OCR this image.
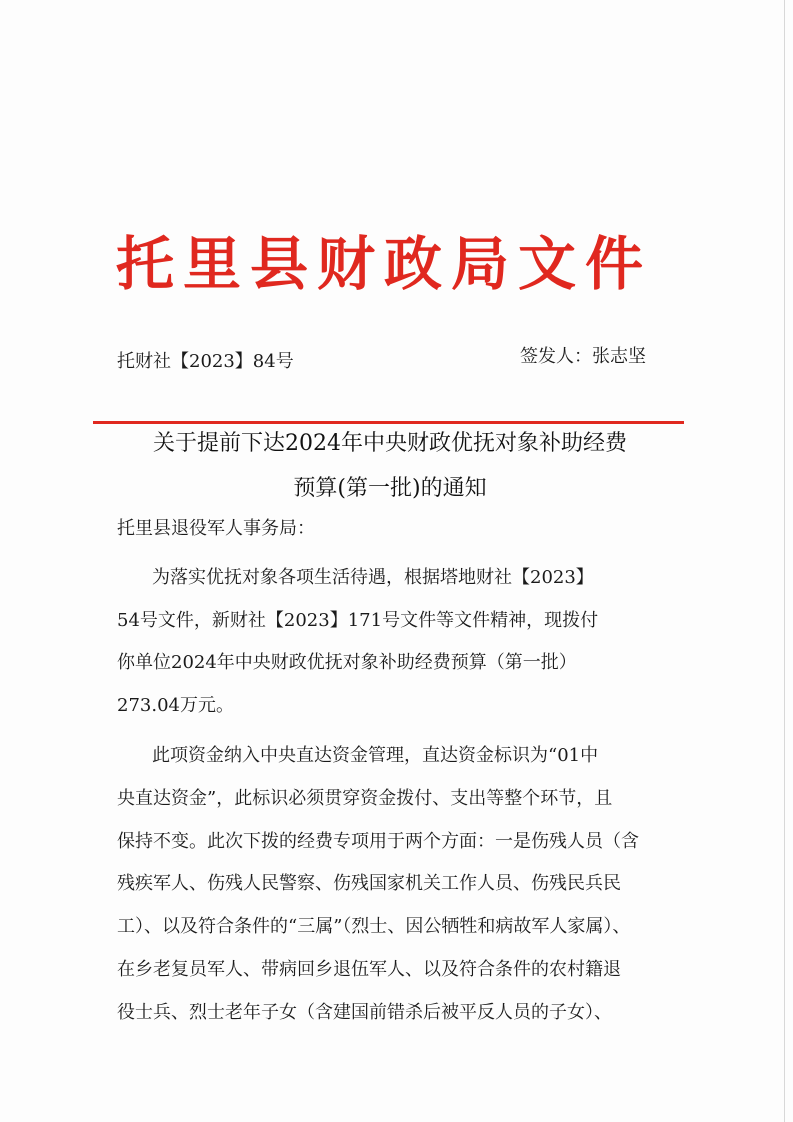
托里县财政局文件
托财社【2023】84号	签发人：张志坚
关于提前下达2024年中央财政优抚对象补助经费
预算(第一批)的通知
托里县退役军人事务局：
为落实优抚对象各项生活待遇，根据塔地财社【2023】
54号文件，新财社【2023】171号文件等文件精神，现拨付
你单位2024年中央财政优抚对象补助经费预算（第一批）
273.04万元。
此项资金纳入中央直达资金管理，直达资金标识为“01中
央直达资金”，此标识必须贯穿资金拨付、支出等整个环节，且
保持不变。此次下拨的经费专项用于两个方面：一是伤残人员（含
残疾军人、伤残人民警察、伤残国家机关工作人员、伤残民兵民
工）、以及符合条件的“三属”（烈士、因公牺牲和病故军人家属）、
在乡老复员军人、带病回乡退伍军人、以及符合条件的农村籍退
役士兵、烈士老年子女（含建国前错杀后被平反人员的子女）、
